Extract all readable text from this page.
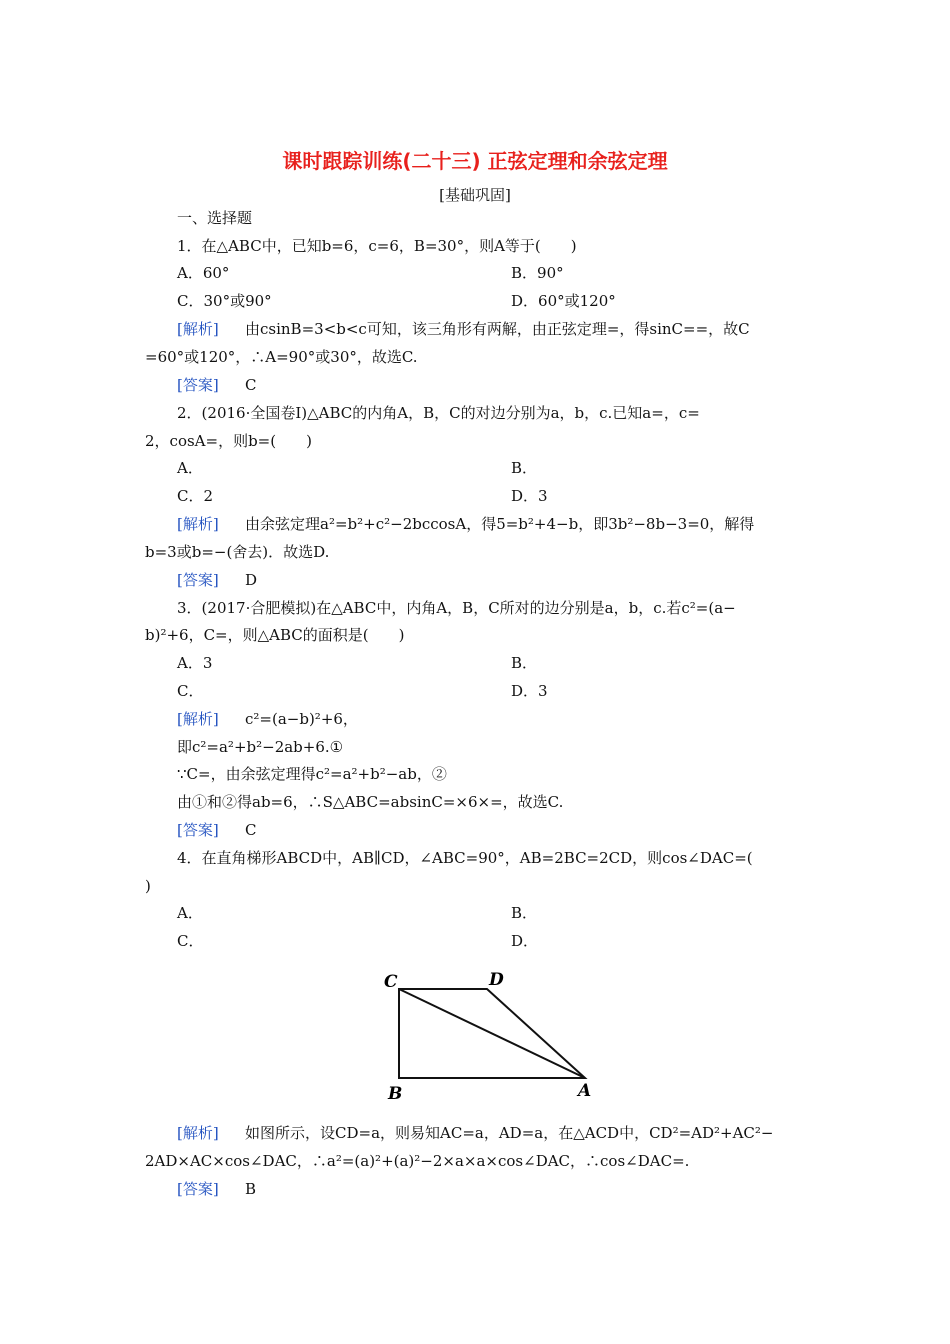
课时跟踪训练(二十三) 正弦定理和余弦定理
[基础巩固]
一、选择题
1．在△ABC中，已知b=6，c=6，B=30°，则A等于(　　)
A．60°	B．90°
C．30°或90°	D．60°或120°
[解析] 由csinB=3<b<c可知，该三角形有两解，由正弦定理=，得sinC==，故C
=60°或120°，∴A=90°或30°，故选C.
[答案] C
2．(2016·全国卷Ⅰ)△ABC的内角A，B，C的对边分别为a，b，c.已知a=，c=
2，cosA=，则b=(　　)
A．	B．
C．2	D．3
[解析] 由余弦定理a²=b²+c²−2bccosA，得5=b²+4−b，即3b²−8b−3=0，解得
b=3或b=−(舍去)．故选D.
[答案] D
3．(2017·合肥模拟)在△ABC中，内角A，B，C所对的边分别是a，b，c.若c²=(a−
b)²+6，C=，则△ABC的面积是(　　)
A．3	B．
C．	D．3
[解析] c²=(a−b)²+6，
即c²=a²+b²−2ab+6.①
∵C=，由余弦定理得c²=a²+b²−ab，②
由①和②得ab=6，∴S△ABC=absinC=×6×=，故选C.
[答案] C
4．在直角梯形ABCD中，AB∥CD，∠ABC=90°，AB=2BC=2CD，则cos∠DAC=(
)
A．	B．
C．	D．
C	D
B	A
[解析] 如图所示，设CD=a，则易知AC=a，AD=a，在△ACD中，CD²=AD²+AC²−
2AD×AC×cos∠DAC，∴a²=(a)²+(a)²−2×a×a×cos∠DAC，∴cos∠DAC=.
[答案] B
